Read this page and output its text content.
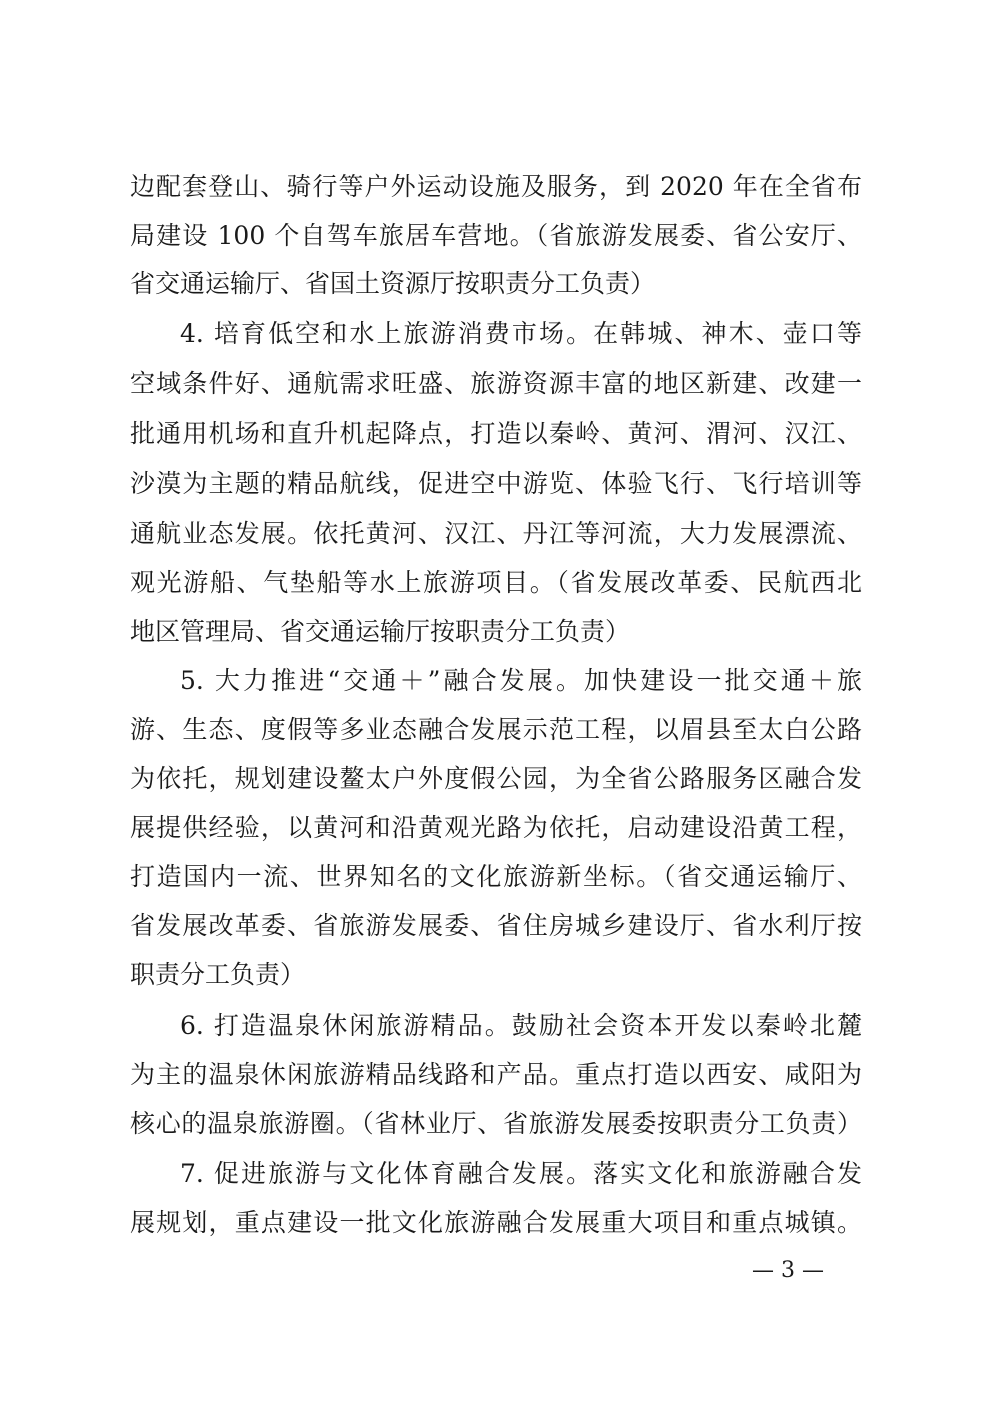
边配套登山、骑行等户外运动设施及服务，到 2020 年在全省布
局建设 100 个自驾车旅居车营地。（省旅游发展委、省公安厅、
省交通运输厅、省国土资源厅按职责分工负责）
4. 培育低空和水上旅游消费市场。在韩城、神木、壶口等
空域条件好、通航需求旺盛、旅游资源丰富的地区新建、改建一
批通用机场和直升机起降点，打造以秦岭、黄河、渭河、汉江、
沙漠为主题的精品航线，促进空中游览、体验飞行、飞行培训等
通航业态发展。依托黄河、汉江、丹江等河流，大力发展漂流、
观光游船、气垫船等水上旅游项目。（省发展改革委、民航西北
地区管理局、省交通运输厅按职责分工负责）
5. 大力推进“交通＋”融合发展。加快建设一批交通＋旅
游、生态、度假等多业态融合发展示范工程，以眉县至太白公路
为依托，规划建设鳌太户外度假公园，为全省公路服务区融合发
展提供经验，以黄河和沿黄观光路为依托，启动建设沿黄工程，
打造国内一流、世界知名的文化旅游新坐标。（省交通运输厅、
省发展改革委、省旅游发展委、省住房城乡建设厅、省水利厅按
职责分工负责）
6. 打造温泉休闲旅游精品。鼓励社会资本开发以秦岭北麓
为主的温泉休闲旅游精品线路和产品。重点打造以西安、咸阳为
核心的温泉旅游圈。（省林业厅、省旅游发展委按职责分工负责）
7. 促进旅游与文化体育融合发展。落实文化和旅游融合发
展规划，重点建设一批文化旅游融合发展重大项目和重点城镇。
— 3 —
